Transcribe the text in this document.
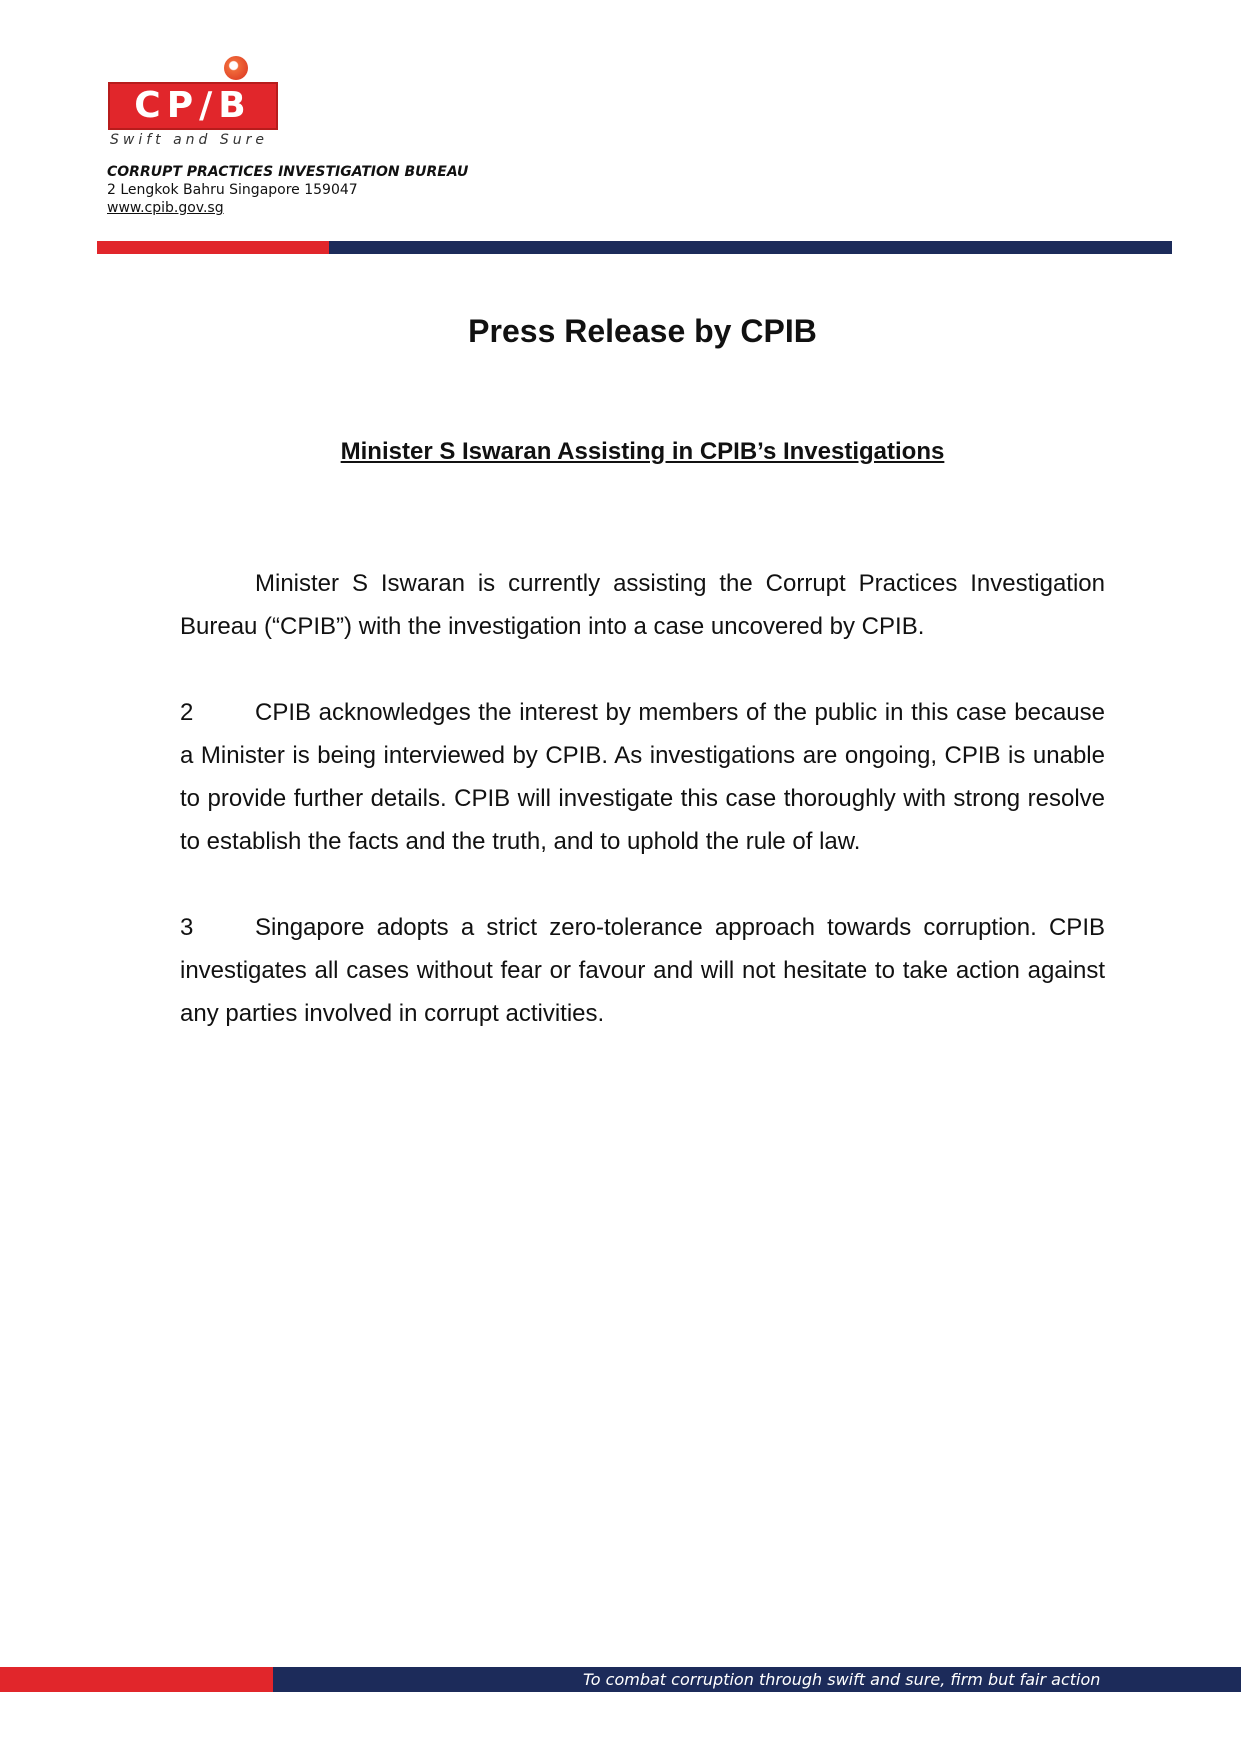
CP/B
Swift and Sure
CORRUPT PRACTICES INVESTIGATION BUREAU
2 Lengkok Bahru Singapore 159047
www.cpib.gov.sg
Press Release by CPIB
Minister S Iswaran Assisting in CPIB’s Investigations

Minister S Iswaran is currently assisting the Corrupt Practices Investigation Bureau (“CPIB”) with the investigation into a case uncovered by CPIB.

2	CPIB acknowledges the interest by members of the public in this case because a Minister is being interviewed by CPIB. As investigations are ongoing, CPIB is unable to provide further details. CPIB will investigate this case thoroughly with strong resolve to establish the facts and the truth, and to uphold the rule of law.

3	Singapore adopts a strict zero-tolerance approach towards corruption. CPIB investigates all cases without fear or favour and will not hesitate to take action against any parties involved in corrupt activities.

To combat corruption through swift and sure, firm but fair action
